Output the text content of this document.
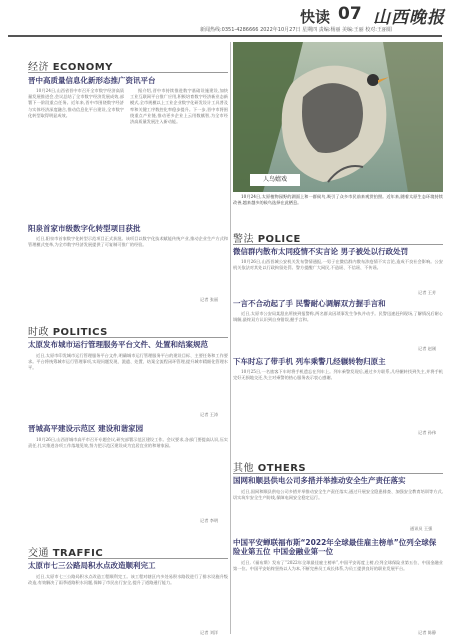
新闻热线:0351-4286666 2022年10月27日 星期四 责编:杨丽 美编:王丽 校对:王丽娟
快读 07 山西晚报
经济 ECONOMY
晋中高质量信息化新形态推广资讯平台

10月24日,山西省晋中市召开全市数字经济高质量发展推进会,会议总结了全市数字经济发展成效,部署下一阶段重点任务。近年来,晋中市围绕数字经济与实体经济深度融合,推动信息化平台建设,全市数字化转型取得明显成效。

据介绍,晋中市持续推进数字基础设施建设,加快工业互联网平台推广应用,积极培育数字经济新业态新模式,全市规模以上工业企业数字化研发设计工具普及率和关键工序数控化率稳步提升。下一步,晋中市将围绕重点产业链,推动更多企业上云用数赋智,为全市经济高质量发展注入新动能。

阳泉首家市级数字化转型项目获批

近日,阳泉市首家数字化转型示范项目正式获批。该项目以数字化技术赋能传统产业,推动企业生产方式和管理模式变革,为全市数字经济发展提供了可复制可推广的经验。

记者 张丽
时政 POLITICS
太原发布城市运行管理服务平台文件、处置和结案规范

近日,太原市印发城市运行管理服务平台文件,明确城市运行管理服务平台的建设目标、主要任务和工作要求。平台将统筹城市运行管理事项,实现问题发现、派遣、处置、结案全流程闭环管理,提升城市精细化管理水平。

记者 王涛
晋城高平建设示范区 建设和谐家园

10月26日,山西晋城市高平市召开专题会议,研究部署示范区建设工作。会议要求,各部门要提高认识,压实责任,扎实推进各项工作落地见效,努力把示范区建设成为宜居宜业的和谐家园。

记者 李明
交通 TRAFFIC
太原市七三公路局积水点改造顺利完工

近日,太原市七三公路局积水点改造工程顺利完工。该工程对辖区内多处易积水路段进行了排水设施升级改造,有效解决了雨季道路积水问题,保障了市民出行安全,提升了道路通行能力。

记者 刘洋
人鸟嬉戏

10月24日,太原植物园野的湖面上和一群候鸟,吸引了众多市民前来观赏拍照。近年来,随着太原生态环境持续改善,越来越多的候鸟选择在此栖息。

警法 POLICE
微信群内散布太同疫情不实言论 男子被处以行政处罚

10月26日,山西晋城公安机关发布警情通报,一男子在微信群内散布涉疫情不实言论,造成不良社会影响。公安机关依法对其处以行政拘留处罚。警方提醒广大网民,不造谣、不信谣、不传谣。

记者 王芳
一言不合动起了手 民警耐心调解双方握手言和

近日,太原市公安局某派出所接到报警称,两名群众因琐事发生争执并动手。民警迅速赶到现场,了解情况后耐心调解,最终双方认识到自身错误,握手言和。

记者 赵刚
下车时忘了带手机 列车乘警几经辗转物归原主

10月25日,一名旅客下车时将手机遗忘在列车上。列车乘警发现后,通过多方联系,几经辗转找到失主,并将手机完好无损地交还,失主对乘警的热心服务表示衷心感谢。

记者 孙伟
其他 OTHERS
国网和顺县供电公司多措并举推动安全生产责任落实

近日,国网和顺县供电公司多措并举推动安全生产责任落实,通过开展安全隐患排查、加强安全教育培训等方式,切实筑牢安全生产防线,保障电网安全稳定运行。

通讯员 王强
中国平安蝉联福布斯“2022年全球最佳雇主榜单”位列全球保险业第五位 中国金融业第一位

近日,《福布斯》发布了“2022年全球最佳雇主榜单”,中国平安再度上榜,位列全球保险业第五位、中国金融业第一位。中国平安始终坚持以人为本,不断完善员工成长体系,为员工提供良好的职业发展平台。

记者 陈静
